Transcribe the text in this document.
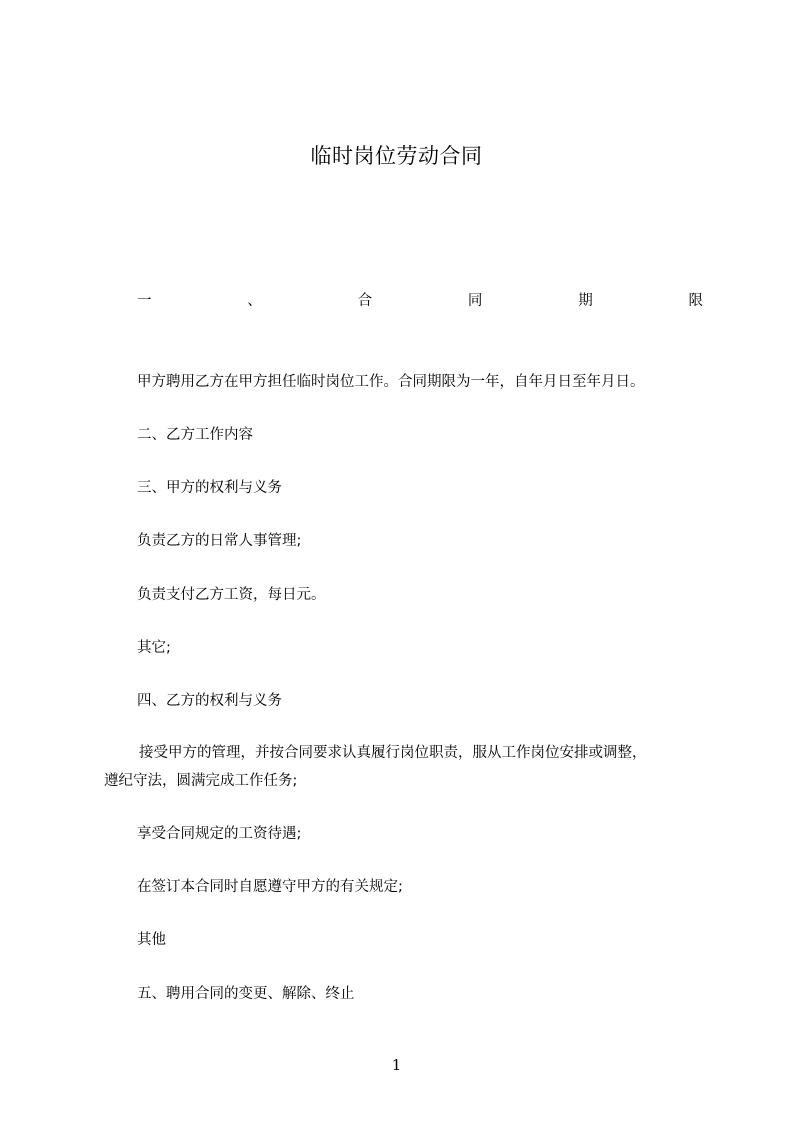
临时岗位劳动合同
一	、	合	同	期	限
甲方聘用乙方在甲方担任临时岗位工作。合同期限为一年，自年月日至年月日。
二、乙方工作内容
三、甲方的权利与义务
负责乙方的日常人事管理;
负责支付乙方工资，每日元。
其它;
四、乙方的权利与义务
接受甲方的管理，并按合同要求认真履行岗位职责，服从工作岗位安排或调整，
遵纪守法，圆满完成工作任务;
享受合同规定的工资待遇;
在签订本合同时自愿遵守甲方的有关规定;
其他
五、聘用合同的变更、解除、终止
1
